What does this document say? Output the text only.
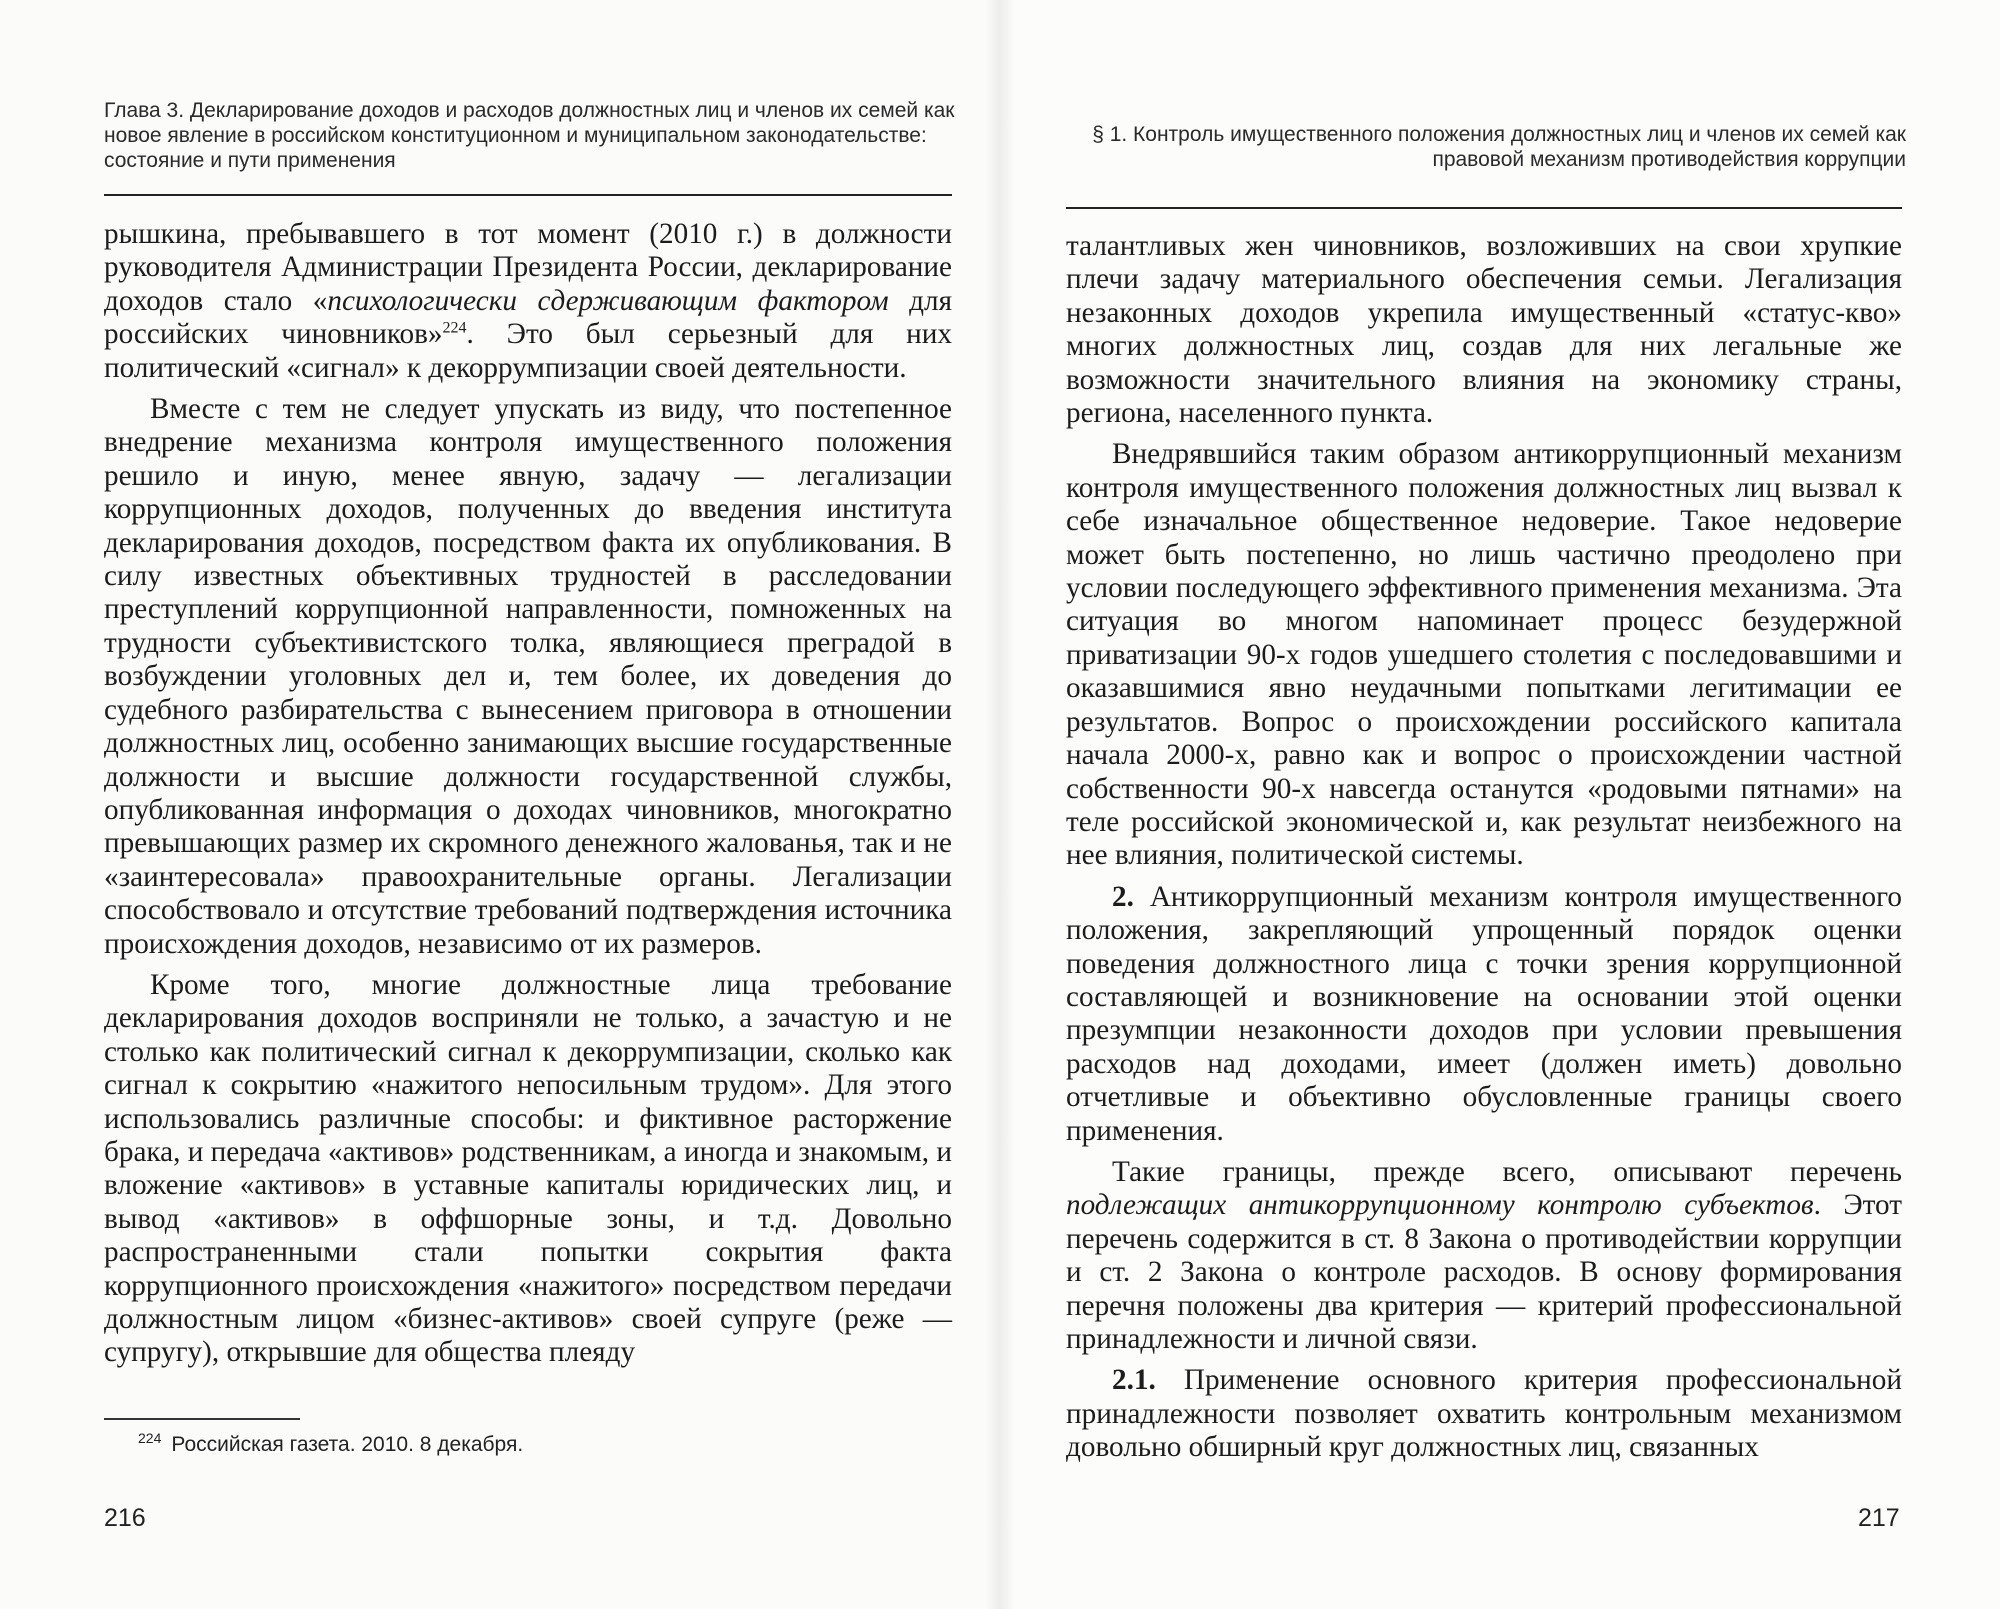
Глава 3. Декларирование доходов и расходов должностных лиц и членов их семей как новое явление в российском конституционном и муниципальном законодательстве: состояние и пути применения

рышкина, пребывавшего в тот момент (2010 г.) в должности руководителя Администрации Президента России, декларирование доходов стало «психологически сдерживающим фактором для российских чиновников»$^{224}$. Это был серьезный для них политический «сигнал» к декоррумпизации своей деятельности.

Вместе с тем не следует упускать из виду, что постепенное внедрение механизма контроля имущественного положения решило и иную, менее явную, задачу — легализации коррупционных доходов, полученных до введения института декларирования доходов, посредством факта их опубликования. В силу известных объективных трудностей в расследовании преступлений коррупционной направленности, помноженных на трудности субъективистского толка, являющиеся преградой в возбуждении уголовных дел и, тем более, их доведения до судебного разбирательства с вынесением приговора в отношении должностных лиц, особенно занимающих высшие государственные должности и высшие должности государственной службы, опубликованная информация о доходах чиновников, многократно превышающих размер их скромного денежного жалованья, так и не «заинтересовала» правоохранительные органы. Легализации способствовало и отсутствие требований подтверждения источника происхождения доходов, независимо от их размеров.

Кроме того, многие должностные лица требование декларирования доходов восприняли не только, а зачастую и не столько как политический сигнал к декоррумпизации, сколько как сигнал к сокрытию «нажитого непосильным трудом». Для этого использовались различные способы: и фиктивное расторжение брака, и передача «активов» родственникам, а иногда и знакомым, и вложение «активов» в уставные капиталы юридических лиц, и вывод «активов» в оффшорные зоны, и т.д. Довольно распространенными стали попытки сокрытия факта коррупционного происхождения «нажитого» посредством передачи должностным лицом «бизнес-активов» своей супруге (реже — супругу), открывшие для общества плеяду

$^{224}$ Российская газета. 2010. 8 декабря.
216
§ 1. Контроль имущественного положения должностных лиц и членов их семей как правовой механизм противодействия коррупции

талантливых жен чиновников, возложивших на свои хрупкие плечи задачу материального обеспечения семьи. Легализация незаконных доходов укрепила имущественный «статус-кво» многих должностных лиц, создав для них легальные же возможности значительного влияния на экономику страны, региона, населенного пункта.

Внедрявшийся таким образом антикоррупционный механизм контроля имущественного положения должностных лиц вызвал к себе изначальное общественное недоверие. Такое недоверие может быть постепенно, но лишь частично преодолено при условии последующего эффективного применения механизма. Эта ситуация во многом напоминает процесс безудержной приватизации 90-х годов ушедшего столетия с последовавшими и оказавшимися явно неудачными попытками легитимации ее результатов. Вопрос о происхождении российского капитала начала 2000-х, равно как и вопрос о происхождении частной собственности 90-х навсегда останутся «родовыми пятнами» на теле российской экономической и, как результат неизбежного на нее влияния, политической системы.

2. Антикоррупционный механизм контроля имущественного положения, закрепляющий упрощенный порядок оценки поведения должностного лица с точки зрения коррупционной составляющей и возникновение на основании этой оценки презумпции незаконности доходов при условии превышения расходов над доходами, имеет (должен иметь) довольно отчетливые и объективно обусловленные границы своего применения.

Такие границы, прежде всего, описывают перечень подлежащих антикоррупционному контролю субъектов. Этот перечень содержится в ст. 8 Закона о противодействии коррупции и ст. 2 Закона о контроле расходов. В основу формирования перечня положены два критерия — критерий профессиональной принадлежности и личной связи.

2.1. Применение основного критерия профессиональной принадлежности позволяет охватить контрольным механизмом довольно обширный круг должностных лиц, связанных

217
